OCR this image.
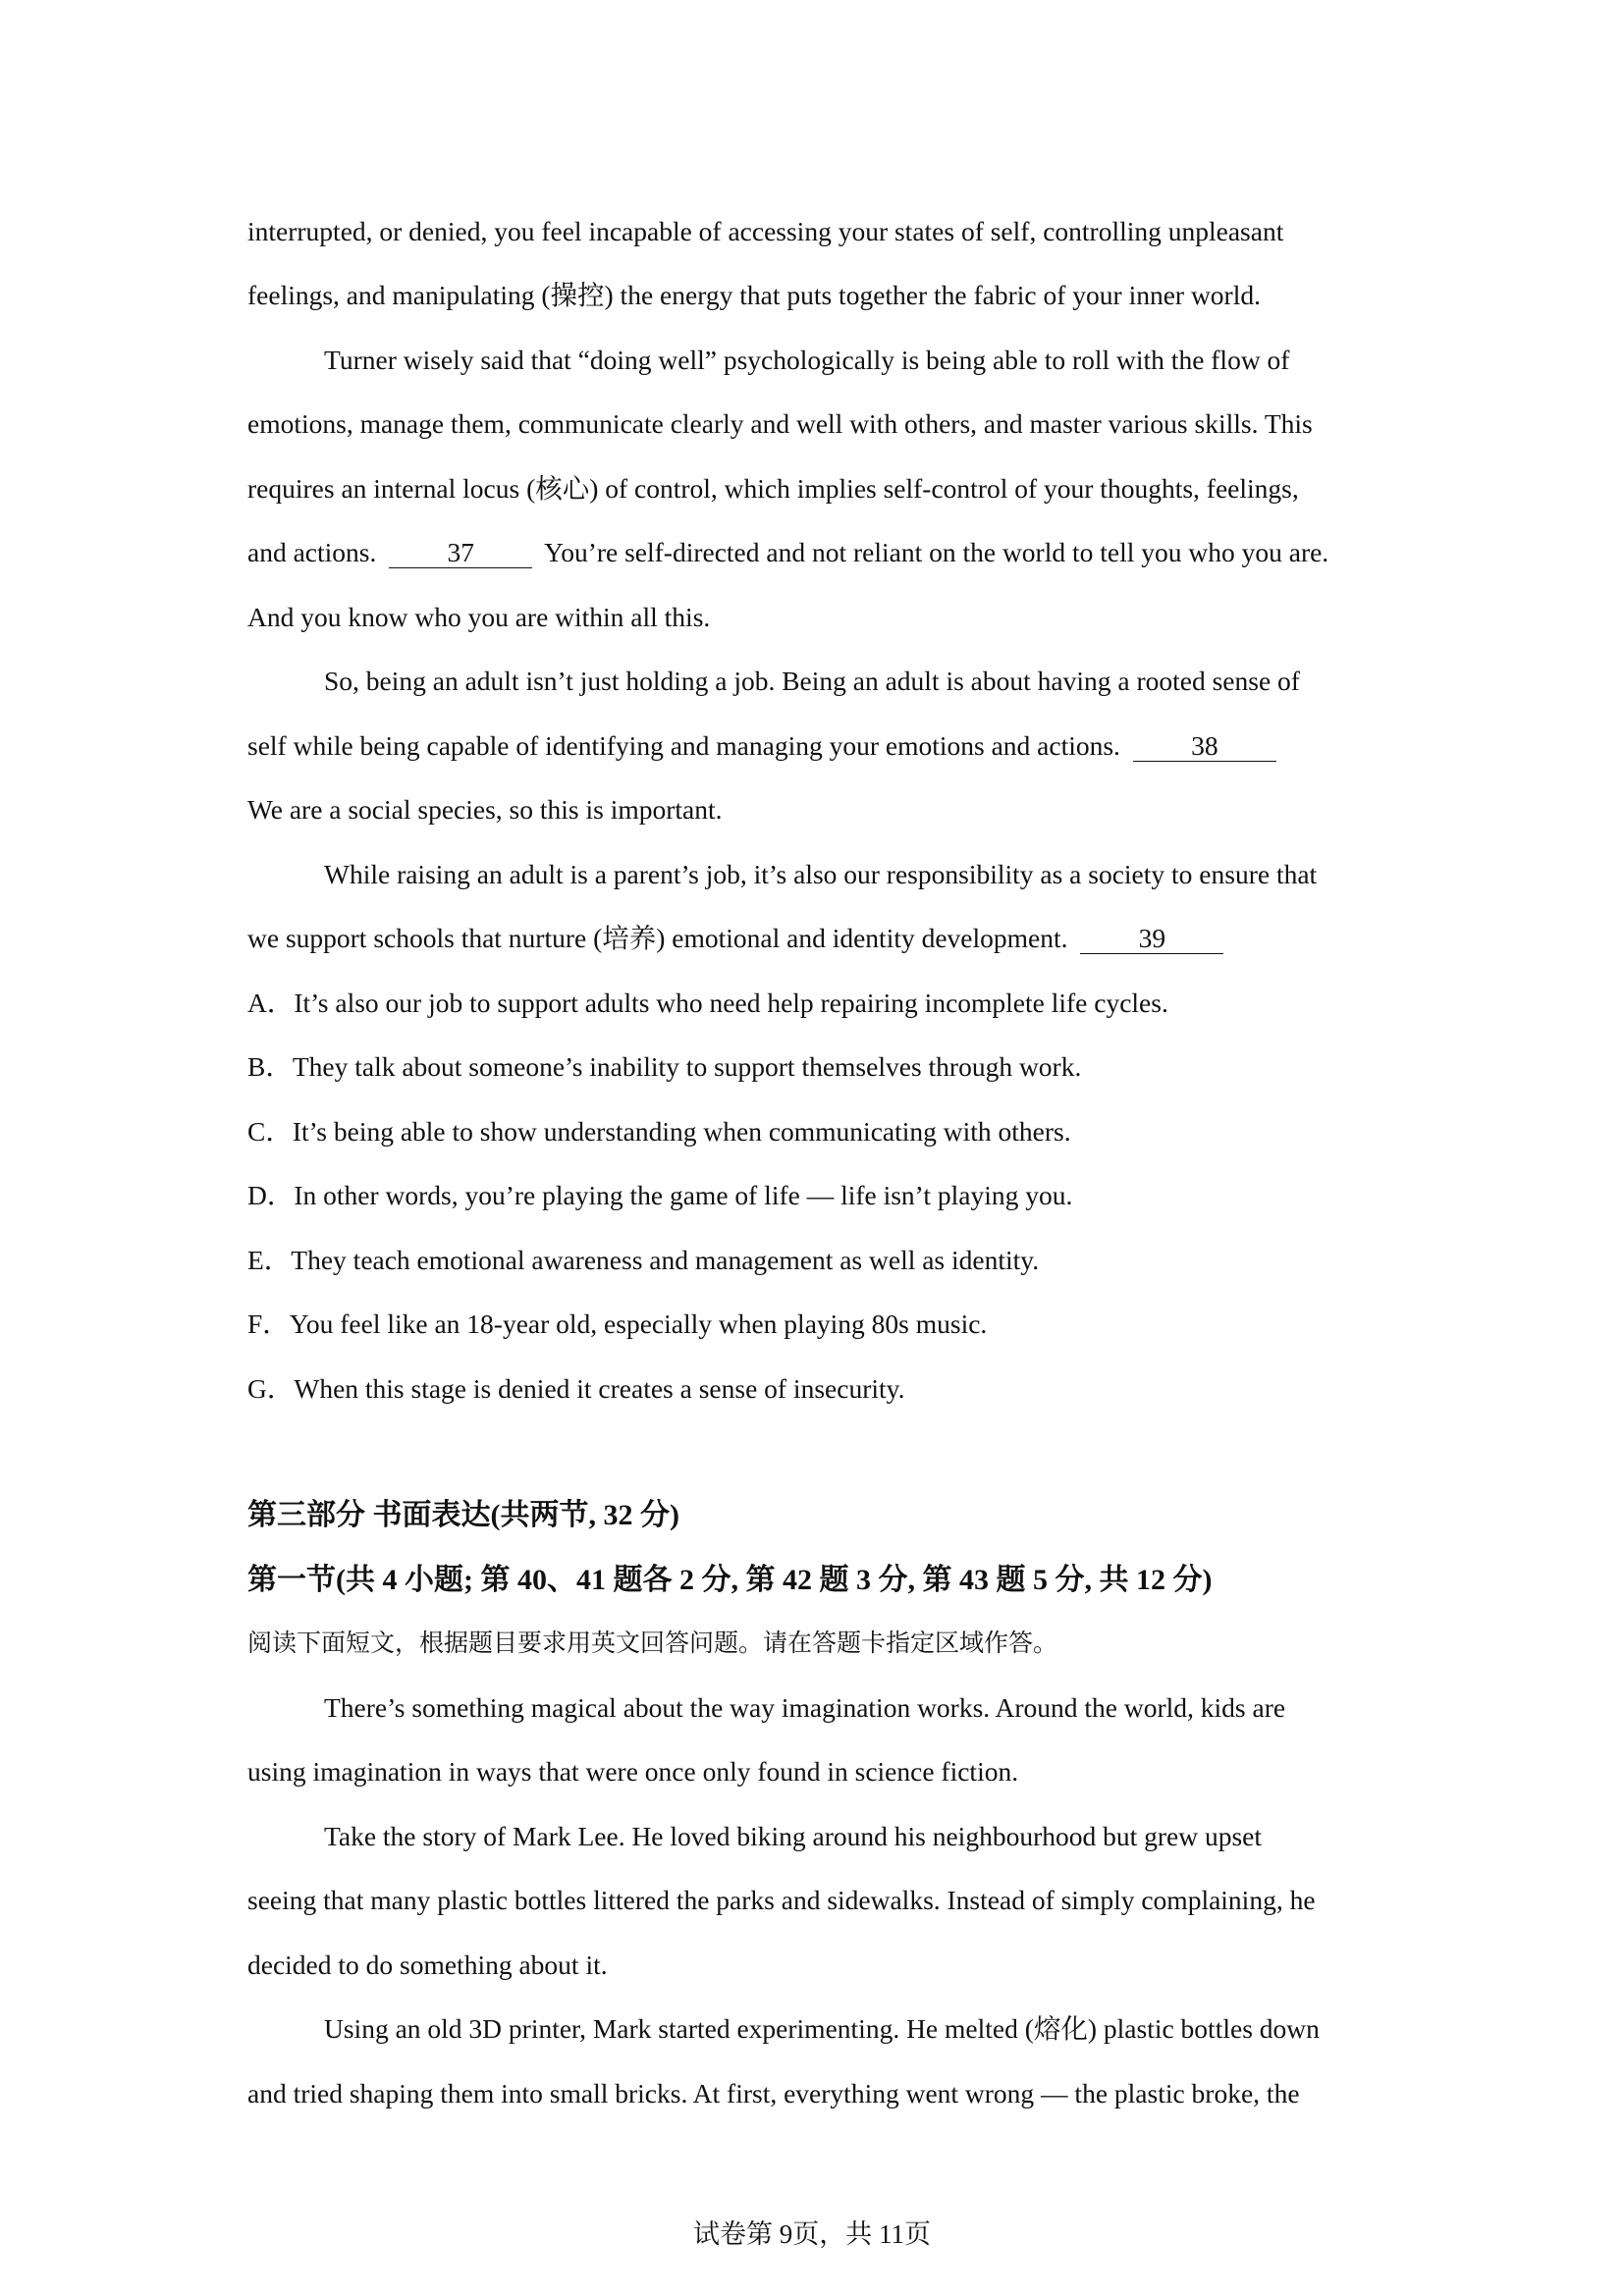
interrupted, or denied, you feel incapable of accessing your states of self, controlling unpleasant
feelings, and manipulating (操控) the energy that puts together the fabric of your inner world.
Turner wisely said that “doing well” psychologically is being able to roll with the flow of
emotions, manage them, communicate clearly and well with others, and master various skills. This
requires an internal locus (核心) of control, which implies self-control of your thoughts, feelings,
and actions.	37	You’re self-directed and not reliant on the world to tell you who you are.
And you know who you are within all this.
So, being an adult isn’t just holding a job. Being an adult is about having a rooted sense of
self while being capable of identifying and managing your emotions and actions.	38
We are a social species, so this is important.
While raising an adult is a parent’s job, it’s also our responsibility as a society to ensure that
we support schools that nurture (培养) emotional and identity development.	39
A．It’s also our job to support adults who need help repairing incomplete life cycles.
B．They talk about someone’s inability to support themselves through work.
C．It’s being able to show understanding when communicating with others.
D．In other words, you’re playing the game of life — life isn’t playing you.
E．They teach emotional awareness and management as well as identity.
F．You feel like an 18-year old, especially when playing 80s music.
G．When this stage is denied it creates a sense of insecurity.
第三部分 书面表达(共两节, 32 分)
第一节(共 4 小题; 第 40、41 题各 2 分, 第 42 题 3 分, 第 43 题 5 分, 共 12 分)
阅读下面短文，根据题目要求用英文回答问题。请在答题卡指定区域作答。
There’s something magical about the way imagination works. Around the world, kids are
using imagination in ways that were once only found in science fiction.
Take the story of Mark Lee. He loved biking around his neighbourhood but grew upset
seeing that many plastic bottles littered the parks and sidewalks. Instead of simply complaining, he
decided to do something about it.
Using an old 3D printer, Mark started experimenting. He melted (熔化) plastic bottles down
and tried shaping them into small bricks. At first, everything went wrong — the plastic broke, the
试卷第 9页，共 11页
